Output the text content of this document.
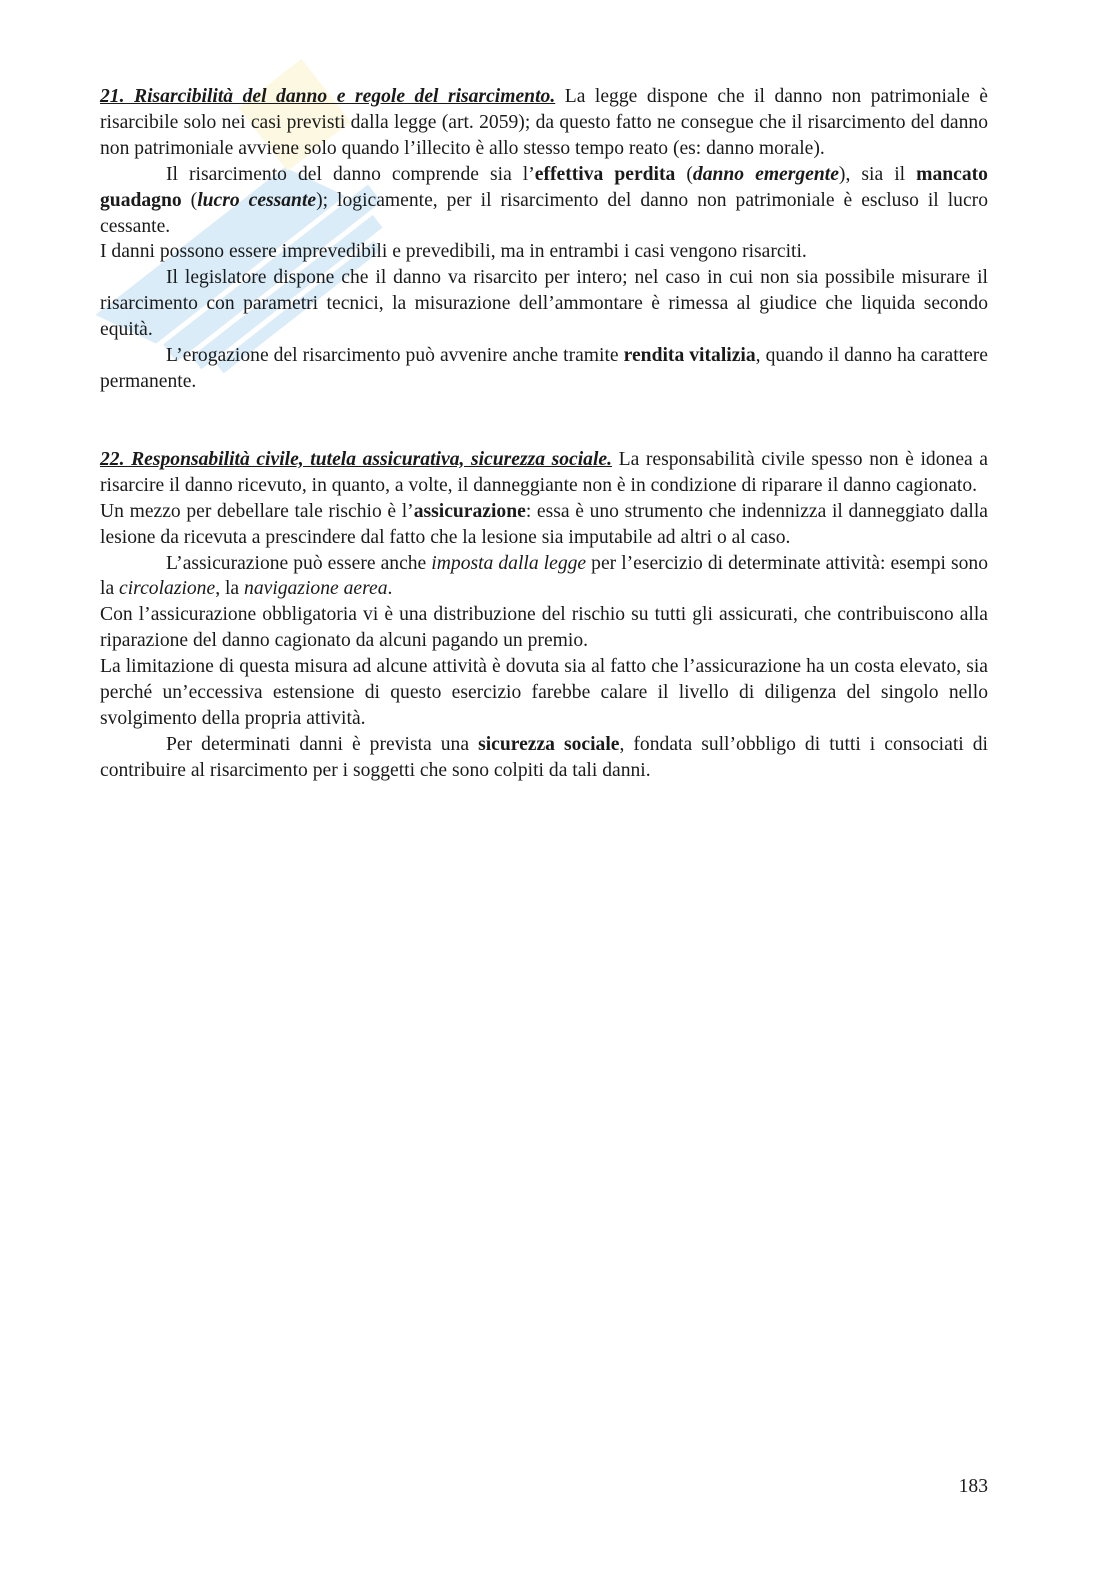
21. Risarcibilità del danno e regole del risarcimento. La legge dispone che il danno non patrimoniale è risarcibile solo nei casi previsti dalla legge (art. 2059); da questo fatto ne consegue che il risarcimento del danno non patrimoniale avviene solo quando l’illecito è allo stesso tempo reato (es: danno morale).

Il risarcimento del danno comprende sia l’effettiva perdita (danno emergente), sia il mancato guadagno (lucro cessante); logicamente, per il risarcimento del danno non patrimoniale è escluso il lucro cessante.

I danni possono essere imprevedibili e prevedibili, ma in entrambi i casi vengono risarciti.

Il legislatore dispone che il danno va risarcito per intero; nel caso in cui non sia possibile misurare il risarcimento con parametri tecnici, la misurazione dell’ammontare è rimessa al giudice che liquida secondo equità.

L’erogazione del risarcimento può avvenire anche tramite rendita vitalizia, quando il danno ha carattere permanente.

22. Responsabilità civile, tutela assicurativa, sicurezza sociale. La responsabilità civile spesso non è idonea a risarcire il danno ricevuto, in quanto, a volte, il danneggiante non è in condizione di riparare il danno cagionato.

Un mezzo per debellare tale rischio è l’assicurazione: essa è uno strumento che indennizza il danneggiato dalla lesione da ricevuta a prescindere dal fatto che la lesione sia imputabile ad altri o al caso.

L’assicurazione può essere anche imposta dalla legge per l’esercizio di determinate attività: esempi sono la circolazione, la navigazione aerea.

Con l’assicurazione obbligatoria vi è una distribuzione del rischio su tutti gli assicurati, che contribuiscono alla riparazione del danno cagionato da alcuni pagando un premio.

La limitazione di questa misura ad alcune attività è dovuta sia al fatto che l’assicurazione ha un costa elevato, sia perché un’eccessiva estensione di questo esercizio farebbe calare il livello di diligenza del singolo nello svolgimento della propria attività.

Per determinati danni è prevista una sicurezza sociale, fondata sull’obbligo di tutti i consociati di contribuire al risarcimento per i soggetti che sono colpiti da tali danni.

183
